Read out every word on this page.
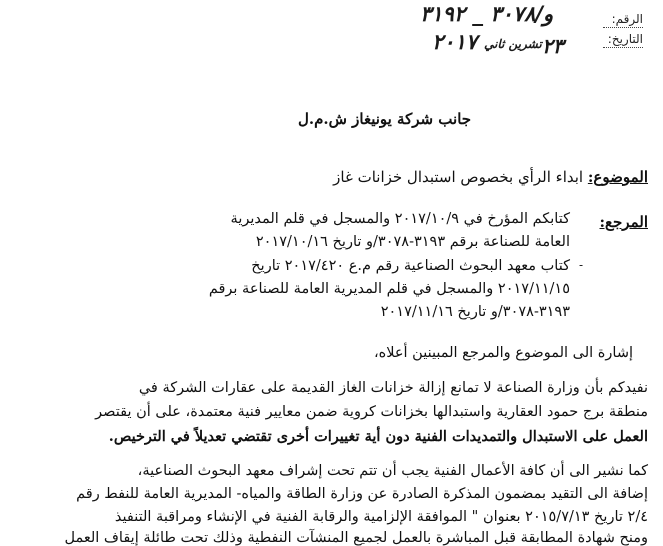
الرقم:
التاريخ:
و/٣٠٧٨ _ ٣١٩٢
٢٣
تشرين ثاني
٢٠١٧
جانب شركة يونيغاز ش.م.ل
الموضوع: ابداء الرأي بخصوص استبدال خزانات غاز
المرجع:
كتابكم المؤرخ في ٢٠١٧/١٠/٩ والمسجل في قلم المديرية
العامة للصناعة برقم ٣١٩٣-٣٠٧٨/و تاريخ ٢٠١٧/١٠/١٦
-
كتاب معهد البحوث الصناعية رقم م.ع ٢٠١٧/٤٢٠ تاريخ
٢٠١٧/١١/١٥ والمسجل في قلم المديرية العامة للصناعة برقم
٣١٩٣-٣٠٧٨/و تاريخ ٢٠١٧/١١/١٦
إشارة الى الموضوع والمرجع المبينين أعلاه،
نفيدكم بأن وزارة الصناعة لا تمانع إزالة خزانات الغاز القديمة على عقارات الشركة في
منطقة برج حمود العقارية واستبدالها بخزانات كروية ضمن معايير فنية معتمدة، على أن يقتصر
العمل على الاستبدال والتمديدات الفنية دون أية تغييرات أخرى تقتضي تعديلاً في الترخيص.
كما نشير الى أن كافة الأعمال الفنية يجب أن تتم تحت إشراف معهد البحوث الصناعية،
إضافة الى التقيد بمضمون المذكرة الصادرة عن وزارة الطاقة والمياه- المديرية العامة للنفط رقم
٢/٤ تاريخ ٢٠١٥/٧/١٣ بعنوان " الموافقة الإلزامية والرقابة الفنية في الإنشاء ومراقبة التنفيذ
ومنح شهادة المطابقة قبل المباشرة بالعمل لجميع المنشآت النفطية وذلك تحت طائلة إيقاف العمل
